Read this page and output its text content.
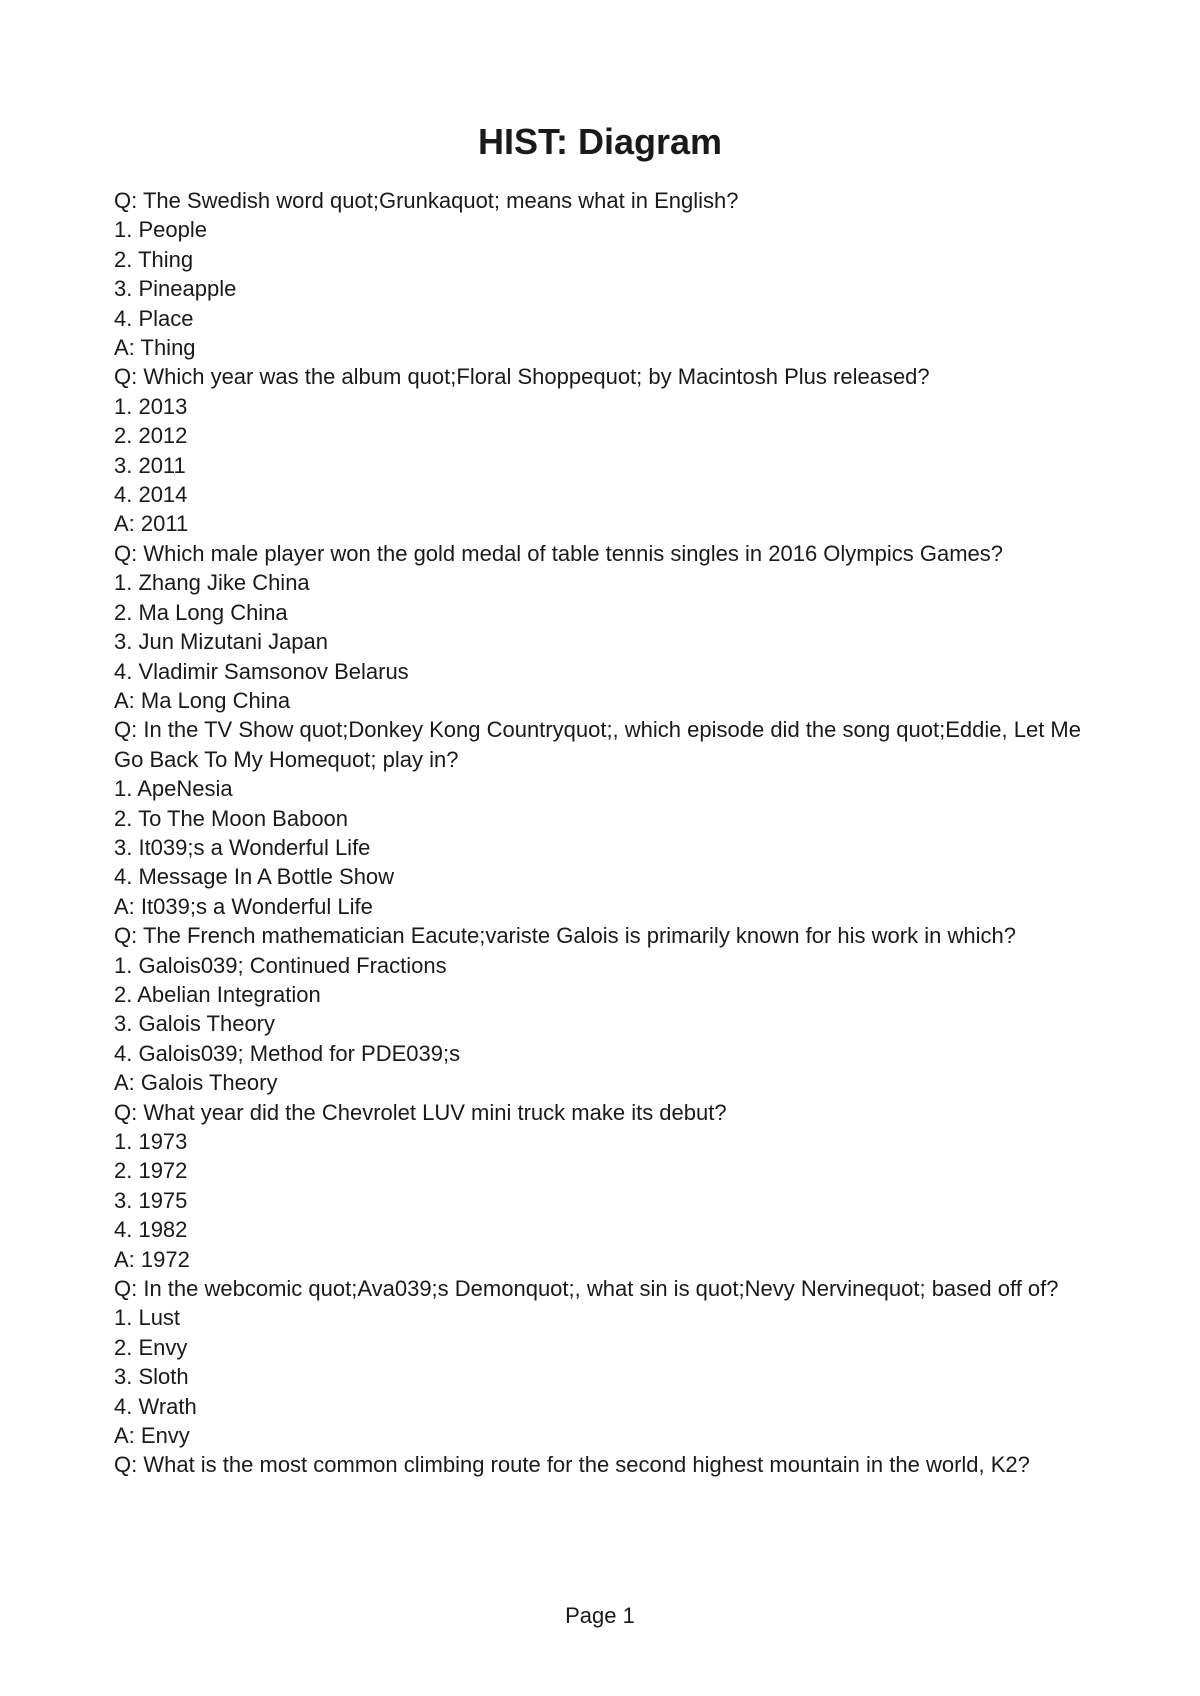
HIST: Diagram

Q: The Swedish word quot;Grunkaquot; means what in English?

1. People

2. Thing

3. Pineapple

4. Place

A: Thing

Q: Which year was the album quot;Floral Shoppequot; by Macintosh Plus released?

1. 2013

2. 2012

3. 2011

4. 2014

A: 2011

Q: Which male player won the gold medal of table tennis singles in 2016 Olympics Games?

1. Zhang Jike China

2. Ma Long China

3. Jun Mizutani Japan

4. Vladimir Samsonov Belarus

A: Ma Long China

Q: In the TV Show quot;Donkey Kong Countryquot;, which episode did the song quot;Eddie, Let Me Go Back To My Homequot; play in?

1. ApeNesia

2. To The Moon Baboon

3. It039;s a Wonderful Life

4. Message In A Bottle Show

A: It039;s a Wonderful Life

Q: The French mathematician Eacute;variste Galois is primarily known for his work in which?

1. Galois039; Continued Fractions

2. Abelian Integration

3. Galois Theory

4. Galois039; Method for PDE039;s

A: Galois Theory

Q: What year did the Chevrolet LUV mini truck make its debut?

1. 1973

2. 1972

3. 1975

4. 1982

A: 1972

Q: In the webcomic quot;Ava039;s Demonquot;, what sin is quot;Nevy Nervinequot; based off of?

1. Lust

2. Envy

3. Sloth

4. Wrath

A: Envy

Q: What is the most common climbing route for the second highest mountain in the world, K2?

Page 1
